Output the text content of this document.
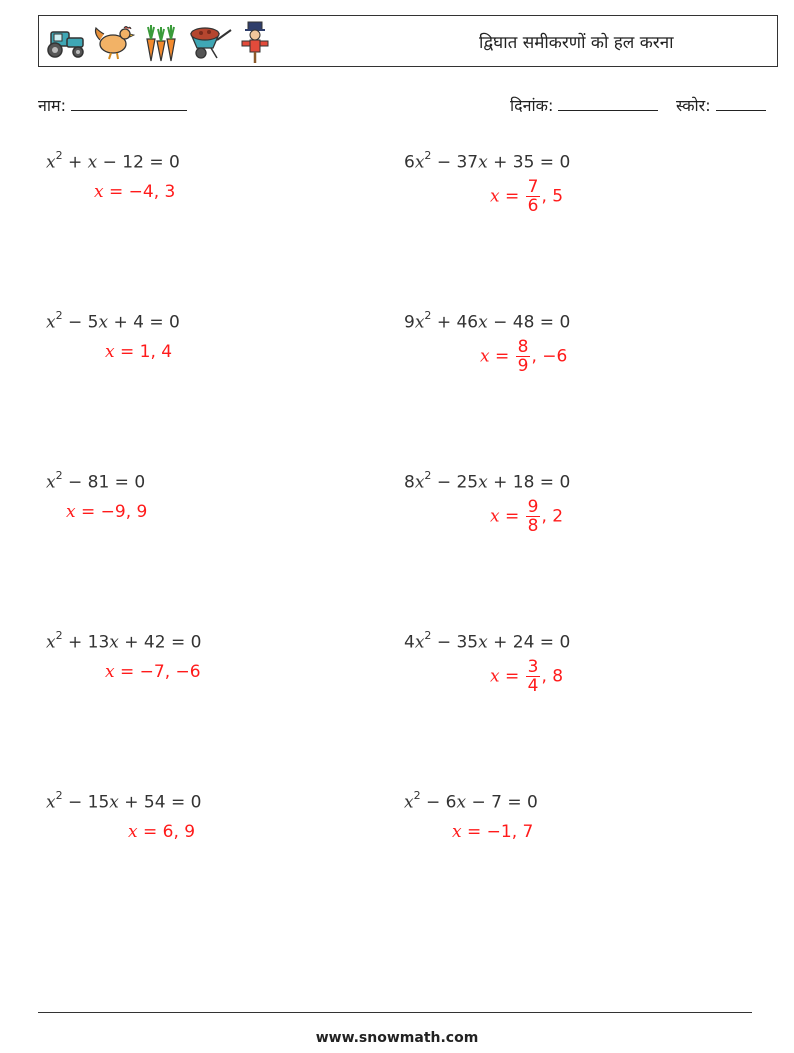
द्विघात समीकरणों को हल करना
नाम:	दिनांक:	स्कोर:
$x^2 + x - 12 = 0$
x = −4, 3
$6x^2 - 37x + 35 = 0$
$x = \frac{7}{6}$ , 5
$x^2 - 5x + 4 = 0$
x = 1, 4
$9x^2 + 46x - 48 = 0$
$x = \frac{8}{9}$ , −6
$x^2 - 81 = 0$
x = −9, 9
$8x^2 - 25x + 18 = 0$
$x = \frac{9}{8}$ , 2
$x^2 + 13x + 42 = 0$
x = −7, −6
$4x^2 - 35x + 24 = 0$
$x = \frac{3}{4}$ , 8
$x^2 - 15x + 54 = 0$
x = 6, 9
$x^2 - 6x - 7 = 0$
x = −1, 7
www.snowmath.com
